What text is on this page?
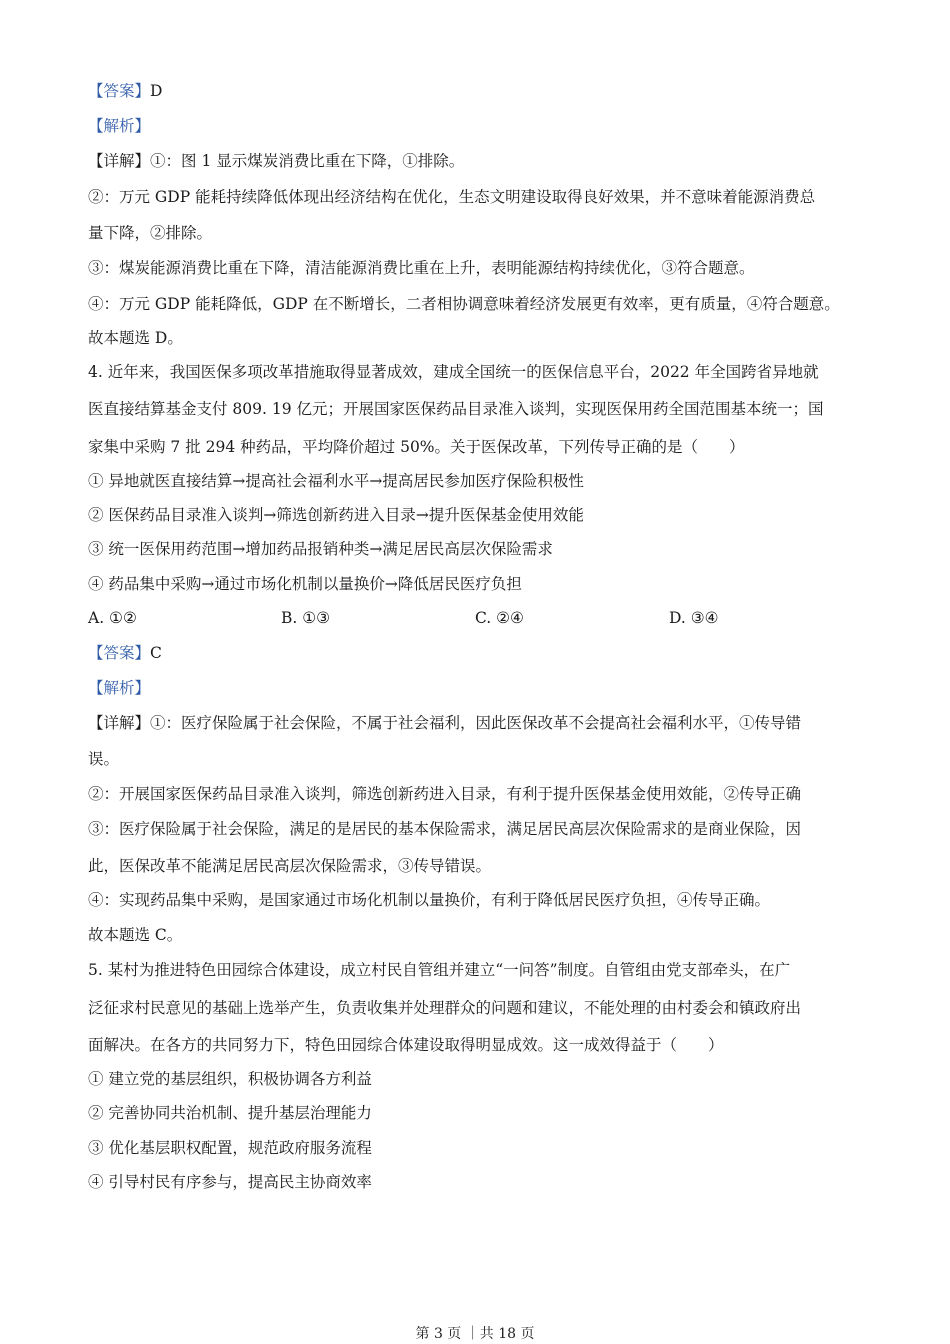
【答案】D
【解析】
【详解】①：图 1 显示煤炭消费比重在下降，①排除。
②：万元 GDP 能耗持续降低体现出经济结构在优化，生态文明建设取得良好效果，并不意味着能源消费总
量下降，②排除。
③：煤炭能源消费比重在下降，清洁能源消费比重在上升，表明能源结构持续优化，③符合题意。
④：万元 GDP 能耗降低，GDP 在不断增长，二者相协调意味着经济发展更有效率，更有质量，④符合题意。
故本题选 D。
4. 近年来，我国医保多项改革措施取得显著成效，建成全国统一的医保信息平台，2022 年全国跨省异地就
医直接结算基金支付 809. 19 亿元；开展国家医保药品目录准入谈判，实现医保用药全国范围基本统一；国
家集中采购 7 批 294 种药品，平均降价超过 50%。关于医保改革，下列传导正确的是（　　）
① 异地就医直接结算→提高社会福利水平→提高居民参加医疗保险积极性
② 医保药品目录准入谈判→筛选创新药进入目录→提升医保基金使用效能
③ 统一医保用药范围→增加药品报销种类→满足居民高层次保险需求
④ 药品集中采购→通过市场化机制以量换价→降低居民医疗负担
A. ①②	B. ①③	C. ②④	D. ③④
【答案】C
【解析】
【详解】①：医疗保险属于社会保险，不属于社会福利，因此医保改革不会提高社会福利水平，①传导错
误。
②：开展国家医保药品目录准入谈判，筛选创新药进入目录，有利于提升医保基金使用效能，②传导正确
③：医疗保险属于社会保险，满足的是居民的基本保险需求，满足居民高层次保险需求的是商业保险，因
此，医保改革不能满足居民高层次保险需求，③传导错误。
④：实现药品集中采购，是国家通过市场化机制以量换价，有利于降低居民医疗负担，④传导正确。
故本题选 C。
5. 某村为推进特色田园综合体建设，成立村民自管组并建立“一问答”制度。自管组由党支部牵头，在广
泛征求村民意见的基础上选举产生，负责收集并处理群众的问题和建议，不能处理的由村委会和镇政府出
面解决。在各方的共同努力下，特色田园综合体建设取得明显成效。这一成效得益于（　　）
① 建立党的基层组织，积极协调各方利益
② 完善协同共治机制、提升基层治理能力
③ 优化基层职权配置，规范政府服务流程
④ 引导村民有序参与，提高民主协商效率
第 3 页 ｜共 18 页
